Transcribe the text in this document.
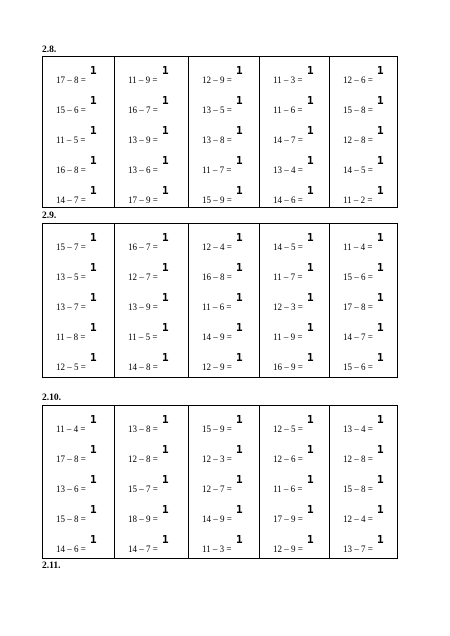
2.8.
17 – 8 =
1
15 – 6 =
1
11 – 5 =
1
16 – 8 =
1
14 – 7 =
1
11 – 9 =
1
16 – 7 =
1
13 – 9 =
1
13 – 6 =
1
17 – 9 =
1
12 – 9 =
1
13 – 5 =
1
13 – 8 =
1
11 – 7 =
1
15 – 9 =
1
11 – 3 =
1
11 – 6 =
1
14 – 7 =
1
13 – 4 =
1
14 – 6 =
1
12 – 6 =
1
15 – 8 =
1
12 – 8 =
1
14 – 5 =
1
11 – 2 =
1
2.9.
15 – 7 =
1
13 – 5 =
1
13 – 7 =
1
11 – 8 =
1
12 – 5 =
1
16 – 7 =
1
12 – 7 =
1
13 – 9 =
1
11 – 5 =
1
14 – 8 =
1
12 – 4 =
1
16 – 8 =
1
11 – 6 =
1
14 – 9 =
1
12 – 9 =
1
14 – 5 =
1
11 – 7 =
1
12 – 3 =
1
11 – 9 =
1
16 – 9 =
1
11 – 4 =
1
15 – 6 =
1
17 – 8 =
1
14 – 7 =
1
15 – 6 =
1
2.10.
11 – 4 =
1
17 – 8 =
1
13 – 6 =
1
15 – 8 =
1
14 – 6 =
1
13 – 8 =
1
12 – 8 =
1
15 – 7 =
1
18 – 9 =
1
14 – 7 =
1
15 – 9 =
1
12 – 3 =
1
12 – 7 =
1
14 – 9 =
1
11 – 3 =
1
12 – 5 =
1
12 – 6 =
1
11 – 6 =
1
17 – 9 =
1
12 – 9 =
1
13 – 4 =
1
12 – 8 =
1
15 – 8 =
1
12 – 4 =
1
13 – 7 =
1
2.11.
